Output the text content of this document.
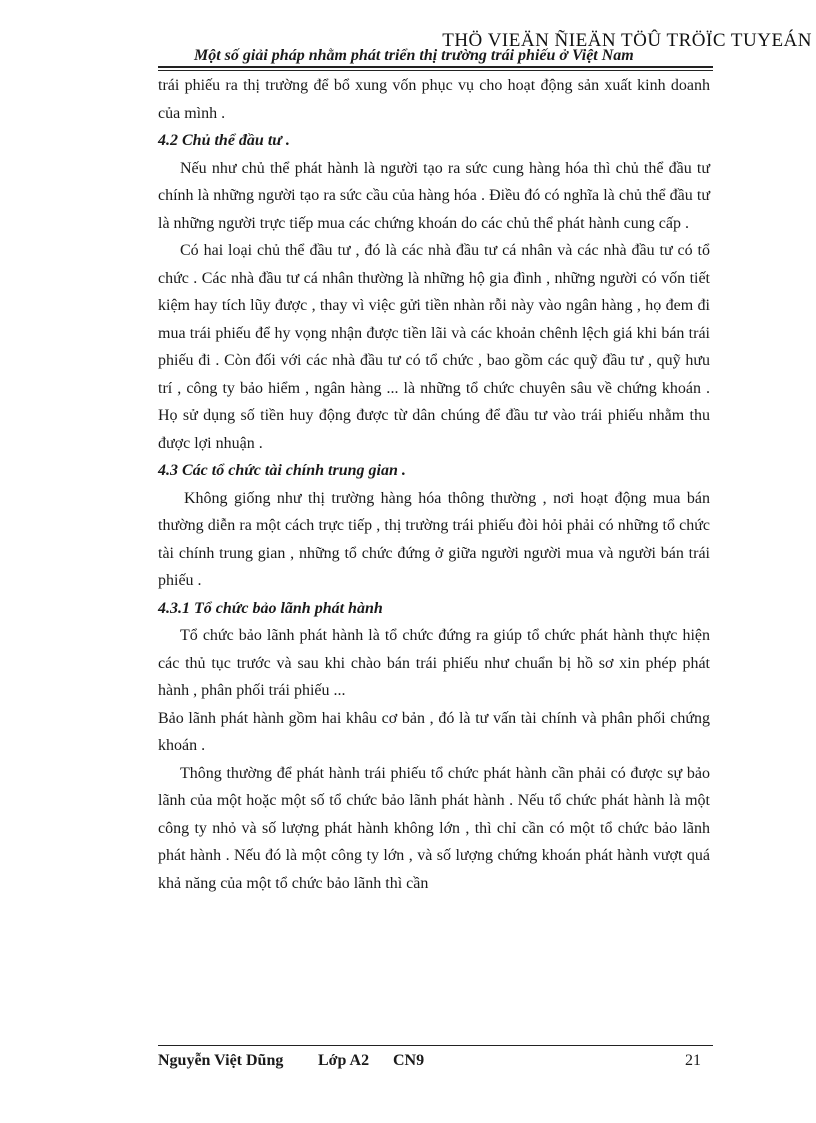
THÖ VIEÄN ÑIEÄN TÖÛ TRÖÏC TUYEÁN
Một số giải pháp nhằm phát triển thị trường trái phiếu ở Việt Nam

trái phiếu ra thị trường để bổ xung vốn phục vụ cho hoạt động sản xuất kinh doanh của mình .

4.2 Chủ thể đầu tư .

Nếu như chủ thể phát hành là người tạo ra sức cung hàng hóa thì chủ thể đầu tư chính là những người tạo ra sức cầu của hàng hóa . Điều đó có nghĩa là chủ thể đầu tư là những người trực tiếp mua các chứng khoán do các chủ thể phát hành cung cấp .

Có hai loại chủ thể đầu tư , đó là các nhà đầu tư cá nhân và các nhà đầu tư có tổ chức . Các nhà đầu tư cá nhân thường là những hộ gia đình , những người có vốn tiết kiệm hay tích lũy được , thay vì việc gửi tiền nhàn rỗi này vào ngân hàng , họ đem đi mua trái phiếu để hy vọng nhận được tiền lãi và các khoản chênh lệch giá khi bán trái phiếu đi . Còn đối với các nhà đầu tư có tổ chức , bao gồm các quỹ đầu tư , quỹ hưu trí , công ty bảo hiểm , ngân hàng ... là những tổ chức chuyên sâu về chứng khoán . Họ sử dụng số tiền huy động được từ dân chúng để đầu tư vào trái phiếu nhằm thu được lợi nhuận .

4.3 Các tổ chức tài chính trung gian .

Không giống như thị trường hàng hóa thông thường , nơi hoạt động mua bán thường diễn ra một cách trực tiếp , thị trường trái phiếu đòi hỏi phải có những tổ chức tài chính trung gian , những tổ chức đứng ở giữa người người mua và người bán trái phiếu .

4.3.1 Tổ chức bảo lãnh phát hành

Tổ chức bảo lãnh phát hành là tổ chức đứng ra giúp tổ chức phát hành thực hiện các thủ tục trước và sau khi chào bán trái phiếu như chuẩn bị hồ sơ xin phép phát hành , phân phối trái phiếu ...

Bảo lãnh phát hành gồm hai khâu cơ bản , đó là tư vấn tài chính và phân phối chứng khoán .

Thông thường để phát hành trái phiếu tổ chức phát hành cần phải có được sự bảo lãnh của một hoặc một số tổ chức bảo lãnh phát hành . Nếu tổ chức phát hành là một công ty nhỏ và số lượng phát hành không lớn , thì chỉ cần có một tổ chức bảo lãnh phát hành . Nếu đó là một công ty lớn , và số lượng chứng khoán phát hành vượt quá khả năng của một tổ chức bảo lãnh thì cần

Nguyễn Việt Dũng Lớp A2 CN9	21
